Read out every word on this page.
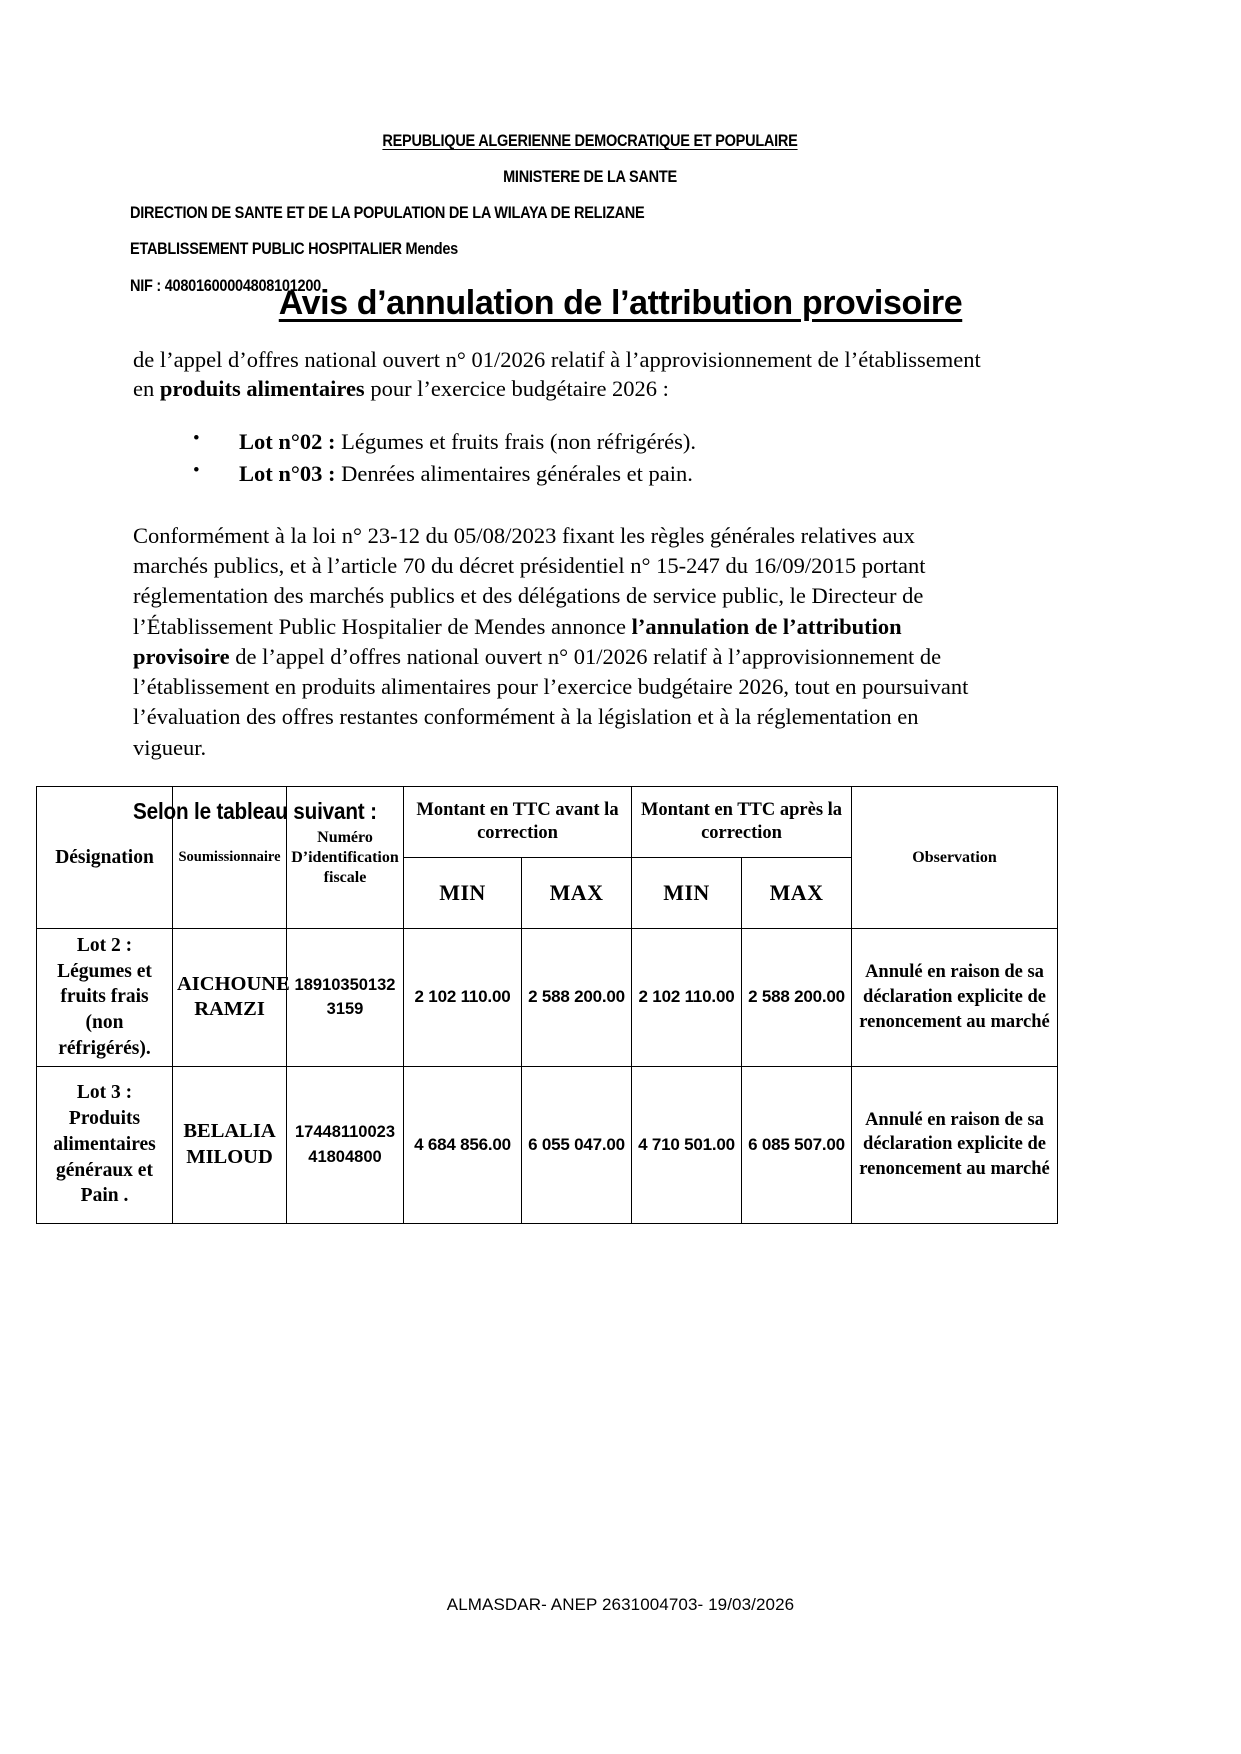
REPUBLIQUE ALGERIENNE DEMOCRATIQUE ET POPULAIRE
MINISTERE DE LA SANTE
DIRECTION DE SANTE ET DE LA POPULATION DE LA WILAYA DE RELIZANE
ETABLISSEMENT PUBLIC HOSPITALIER Mendes
NIF : 40801600004808101200
Avis d’annulation de l’attribution provisoire

de l’appel d’offres national ouvert n° 01/2026 relatif à l’approvisionnement de l’établissement en produits alimentaires pour l’exercice budgétaire 2026 :

• Lot n°02 : Légumes et fruits frais (non réfrigérés).
• Lot n°03 : Denrées alimentaires générales et pain.

Conformément à la loi n° 23-12 du 05/08/2023 fixant les règles générales relatives aux marchés publics, et à l’article 70 du décret présidentiel n° 15-247 du 16/09/2015 portant réglementation des marchés publics et des délégations de service public, le Directeur de l’Établissement Public Hospitalier de Mendes annonce l’annulation de l’attribution provisoire de l’appel d’offres national ouvert n° 01/2026 relatif à l’approvisionnement de l’établissement en produits alimentaires pour l’exercice budgétaire 2026, tout en poursuivant l’évaluation des offres restantes conformément à la législation et à la réglementation en vigueur.

Selon le tableau suivant :
Désignation	Soumissionnaire	Numéro D’identification fiscale	Montant en TTC avant la correction		Montant en TTC après la correction		Observation
			MIN	MAX	MIN	MAX	
Lot 2 : Légumes et fruits frais (non réfrigérés).	AICHOUNE RAMZI	189103501323159	2 102 110.00	2 588 200.00	2 102 110.00	2 588 200.00	Annulé en raison de sa déclaration explicite de renoncement au marché
Lot 3 : Produits alimentaires généraux et Pain .	BELALIA MILOUD	1744811002341804800	4 684 856.00	6 055 047.00	4 710 501.00	6 085 507.00	Annulé en raison de sa déclaration explicite de renoncement au marché
ALMASDAR- ANEP 2631004703- 19/03/2026
